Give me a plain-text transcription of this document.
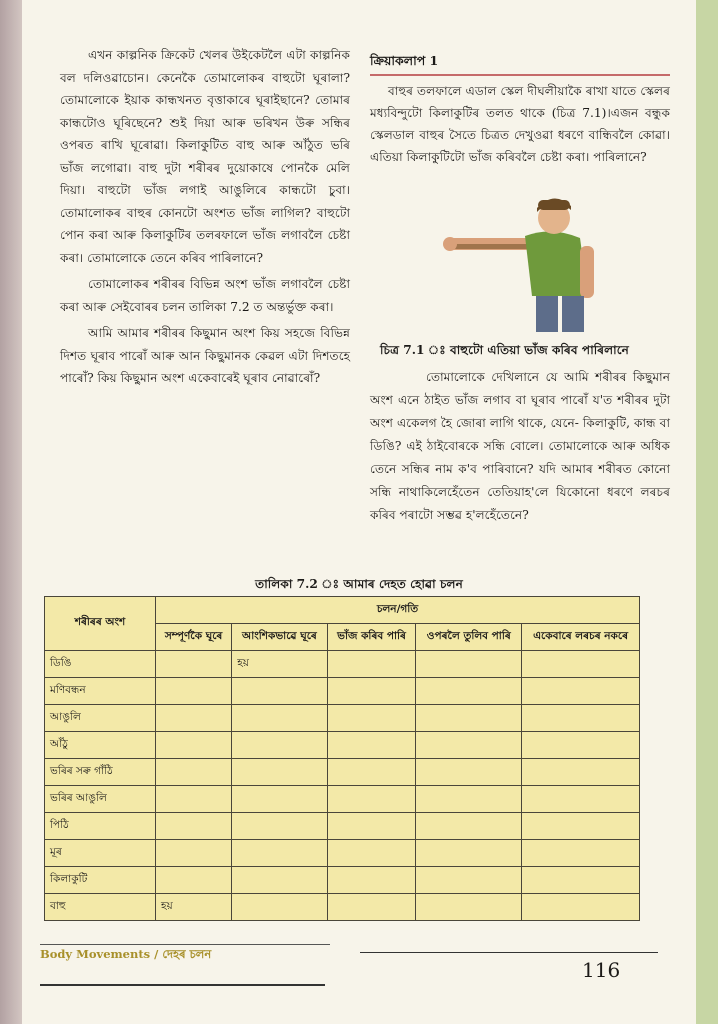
এখন কাল্পনিক ক্ৰিকেট খেলৰ উইকেটলৈ এটা কাল্পনিক বল দলিওৱাচোন। কেনেকৈ তোমালোকৰ বাহুটো ঘূৰালা? তোমালোকে ইয়াক কান্ধখনত বৃত্তাকাৰে ঘূৰাইছানে? তোমাৰ কান্ধটোও ঘূৰিছেনে? শুই দিয়া আৰু ভৰিখন উৰু সন্ধিৰ ওপৰত ৰাখি ঘূৰোৱা। কিলাকুটিত বাহু আৰু আঁঠুত ভৰি ভাঁজ লগোৱা। বাহু দুটা শৰীৰৰ দুয়োকাষে পোনকৈ মেলি দিয়া। বাহুটো ভাঁজ লগাই আঙুলিৰে কান্ধটো চুবা। তোমালোকৰ বাহুৰ কোনটো অংশত ভাঁজ লাগিল? বাহুটো পোন কৰা আৰু কিলাকুটিৰ তলৰফালে ভাঁজ লগাবলৈ চেষ্টা কৰা। তোমালোকে তেনে কৰিব পাৰিলানে?

তোমালোকৰ শৰীৰৰ বিভিন্ন অংশ ভাঁজ লগাবলৈ চেষ্টা কৰা আৰু সেইবোৰৰ চলন তালিকা 7.2 ত অন্তৰ্ভুক্ত কৰা।

আমি আমাৰ শৰীৰৰ কিছুমান অংশ কিয় সহজে বিভিন্ন দিশত ঘূৰাব পাৰোঁ আৰু আন কিছুমানক কেৱল এটা দিশতহে পাৰোঁ? কিয় কিছুমান অংশ একেবাৰেই ঘূৰাব নোৱাৰোঁ?

ক্ৰিয়াকলাপ 1

বাহুৰ তলফালে এডাল স্কেল দীঘলীয়াকৈ ৰাখা যাতে স্কেলৰ মধ্যবিন্দুটো কিলাকুটিৰ তলত থাকে (চিত্ৰ 7.1)।এজন বন্ধুক স্কেলডাল বাহুৰ সৈতে চিত্ৰত দেখুওৱা ধৰণে বান্ধিবলৈ কোৱা। এতিয়া কিলাকুটিটো ভাঁজ কৰিবলৈ চেষ্টা কৰা। পাৰিলানে?

চিত্ৰ 7.1 ঃ বাহুটো এতিয়া ভাঁজ কৰিব পাৰিলানে

তোমালোকে দেখিলানে যে আমি শৰীৰৰ কিছুমান অংশ এনে ঠাইত ভাঁজ লগাব বা ঘূৰাব পাৰোঁ য'ত শৰীৰৰ দুটা অংশ একেলগ হৈ জোৰা লাগি থাকে, যেনে- কিলাকুটি, কান্ধ বা ডিঙি? এই ঠাইবোৰকে সন্ধি বোলে। তোমালোকে আৰু অধিক তেনে সন্ধিৰ নাম ক'ব পাৰিবানে? যদি আমাৰ শৰীৰত কোনো সন্ধি নাথাকিলেহেঁতেন তেতিয়াহ'লে যিকোনো ধৰণে লৰচৰ কৰিব পৰাটো সম্ভৱ হ'লহেঁতেনে?

তালিকা 7.2 ঃ আমাৰ দেহত হোৱা চলন
শৰীৰৰ অংশ	চলন/গতি				
	সম্পূৰ্ণকৈ ঘূৰে	আংশিকভাৱে ঘূৰে	ভাঁজ কৰিব পাৰি	ওপৰলৈ তুলিব পাৰি	একেবাৰে লৰচৰ নকৰে
ডিঙি		হয়			
মণিবন্ধন					
আঙুলি					
আঁঠু					
ভৰিৰ সৰু গাঁঠি					
ভৰিৰ আঙুলি					
পিঠি					
মূৰ					
কিলাকুটি					
বাহু	হয়				
Body Movements / দেহৰ চলন
116
